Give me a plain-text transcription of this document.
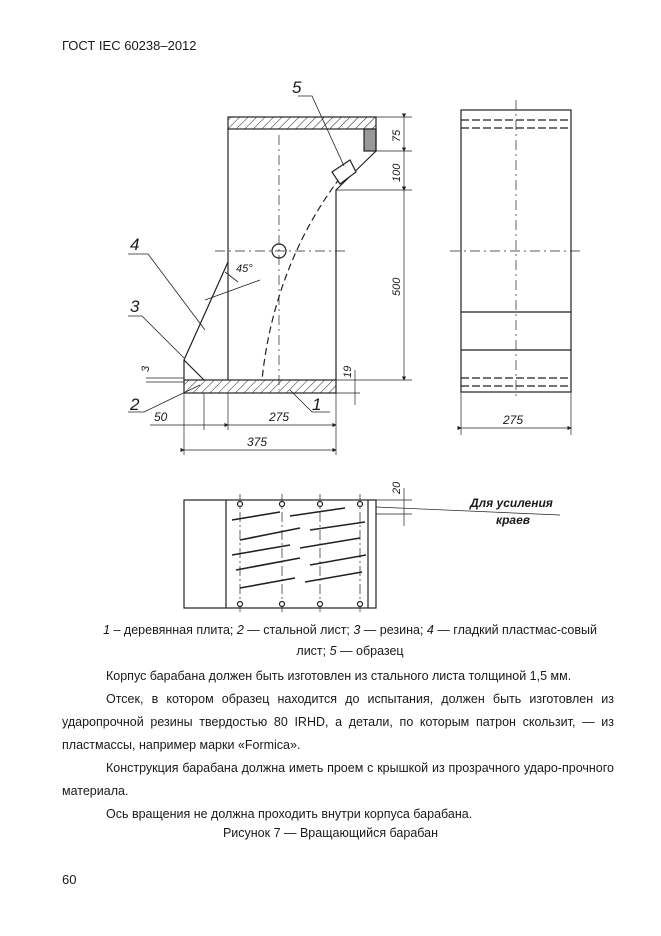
ГОСТ IEC 60238–2012
5
4
3
2	1
75
100
500
19
3
50	275
375
275
20
45°
Для усиления
краев
1 – деревянная плита; 2 — стальной лист; 3 — резина; 4 — гладкий пластмас-совый лист; 5 — образец
Корпус барабана должен быть изготовлен из стального листа толщиной 1,5 мм.
Отсек, в котором образец находится до испытания, должен быть изготовлен из ударопрочной резины твердостью 80 IRHD, а детали, по которым патрон скользит, — из пластмассы, например марки «Formica».
Конструкция барабана должна иметь проем с крышкой из прозрачного ударо-прочного материала.
Ось вращения не должна проходить внутри корпуса барабана.
Рисунок 7 — Вращающийся барабан
60
